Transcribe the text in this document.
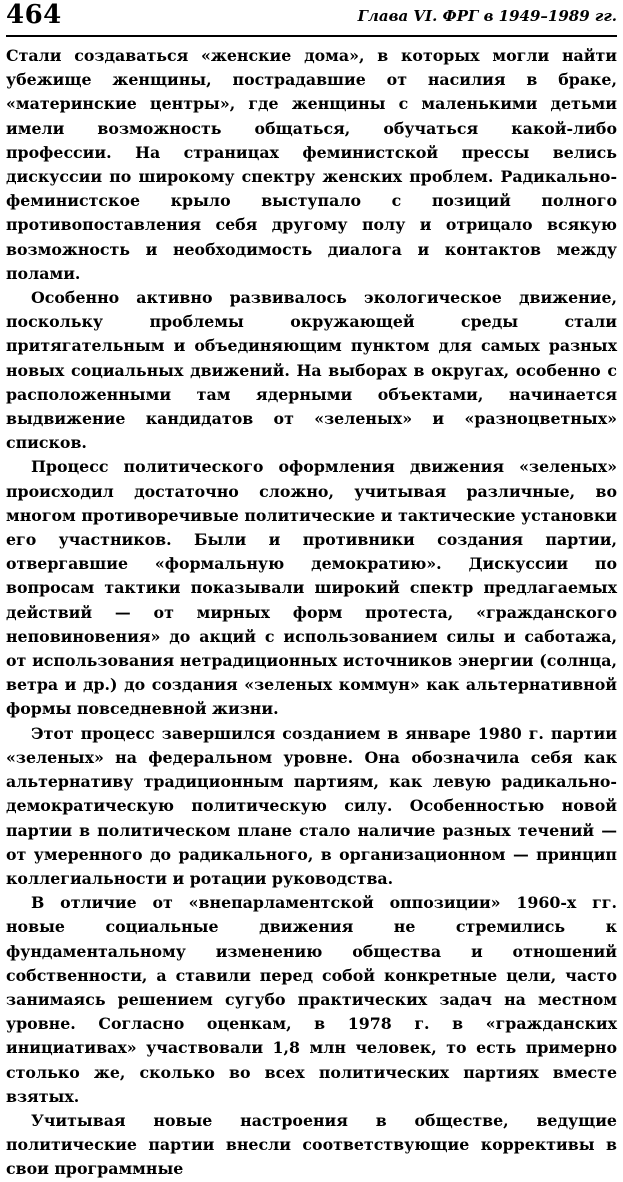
464	Глава VI. ФРГ в 1949–1989 гг.

Стали создаваться «женские дома», в которых могли найти убежище женщины, пострадавшие от насилия в браке, «материнские центры», где женщины с маленькими детьми имели возможность общаться, обучаться какой-либо профессии. На страницах феминистской прессы велись дискуссии по широкому спектру женских проблем. Радикально-феминистское крыло выступало с позиций полного противопоставления себя другому полу и отрицало всякую возможность и необходимость диалога и контактов между полами.

Особенно активно развивалось экологическое движение, поскольку проблемы окружающей среды стали притягательным и объединяющим пунктом для самых разных новых социальных движений. На выборах в округах, особенно с расположенными там ядерными объектами, начинается выдвижение кандидатов от «зеленых» и «разноцветных» списков.

Процесс политического оформления движения «зеленых» происходил достаточно сложно, учитывая различные, во многом противоречивые политические и тактические установки его участников. Были и противники создания партии, отвергавшие «формальную демократию». Дискуссии по вопросам тактики показывали широкий спектр предлагаемых действий — от мирных форм протеста, «гражданского неповиновения» до акций с использованием силы и саботажа, от использования нетрадиционных источников энергии (солнца, ветра и др.) до создания «зеленых коммун» как альтернативной формы повседневной жизни.

Этот процесс завершился созданием в январе 1980 г. партии «зеленых» на федеральном уровне. Она обозначила себя как альтернативу традиционным партиям, как левую радикально-демократическую политическую силу. Особенностью новой партии в политическом плане стало наличие разных течений — от умеренного до радикального, в организационном — принцип коллегиальности и ротации руководства.

В отличие от «внепарламентской оппозиции» 1960-х гг. новые социальные движения не стремились к фундаментальному изменению общества и отношений собственности, а ставили перед собой конкретные цели, часто занимаясь решением сугубо практических задач на местном уровне. Согласно оценкам, в 1978 г. в «гражданских инициативах» участвовали 1,8 млн человек, то есть примерно столько же, сколько во всех политических партиях вместе взятых.

Учитывая новые настроения в обществе, ведущие политические партии внесли соответствующие коррективы в свои программные
